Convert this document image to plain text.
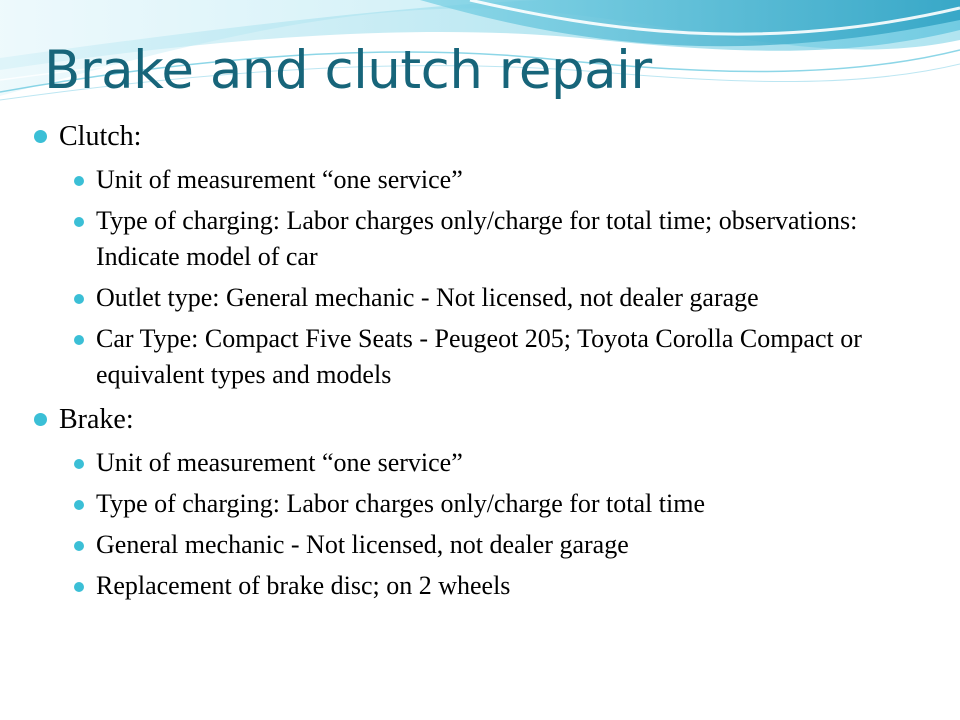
Brake and clutch repair
Clutch:
Unit of measurement “one service”
Type of charging: Labor charges only/charge for total time; observations: Indicate model of car
Outlet type: General mechanic - Not licensed, not dealer garage
Car Type: Compact Five Seats - Peugeot 205; Toyota Corolla Compact or equivalent types and models
Brake:
Unit of measurement “one service”
Type of charging: Labor charges only/charge for total time
General mechanic - Not licensed, not dealer garage
Replacement of brake disc; on 2 wheels
